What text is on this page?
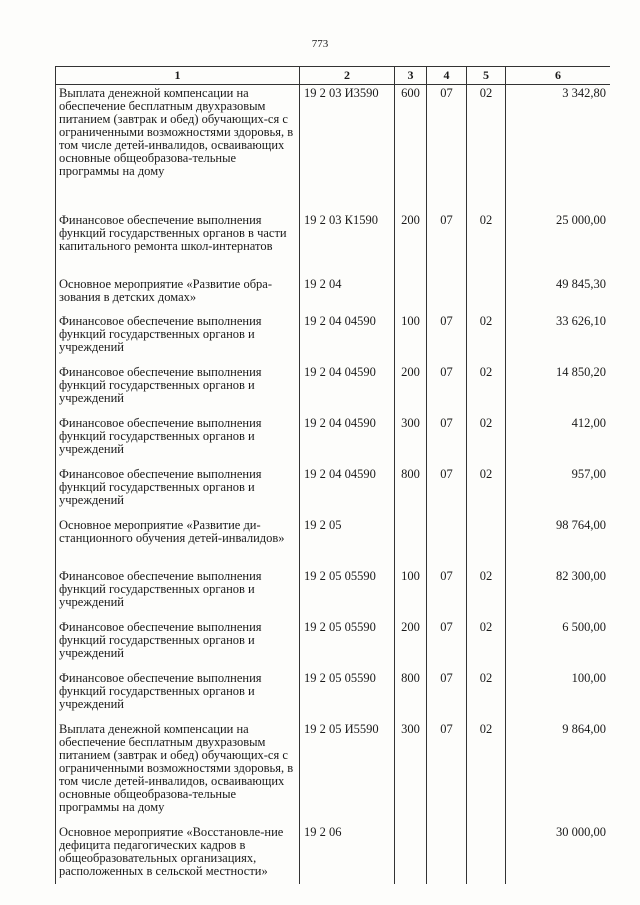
773
1	2	3	4	5	6
Выплата денежной компенсации на обеспечение бесплатным двухразовым питанием (завтрак и обед) обучающих-ся с ограниченными возможностями здоровья, в том числе детей-инвалидов, осваивающих основные общеобразова-тельные программы на дому	19 2 03 И3590	600	07	02	3 342,80
Финансовое обеспечение выполнения функций государственных органов в части капитального ремонта школ-интернатов	19 2 03 К1590	200	07	02	25 000,00
Основное мероприятие «Развитие обра-зования в детских домах»	19 2 04				49 845,30
Финансовое обеспечение выполнения функций государственных органов и учреждений	19 2 04 04590	100	07	02	33 626,10
Финансовое обеспечение выполнения функций государственных органов и учреждений	19 2 04 04590	200	07	02	14 850,20
Финансовое обеспечение выполнения функций государственных органов и учреждений	19 2 04 04590	300	07	02	412,00
Финансовое обеспечение выполнения функций государственных органов и учреждений	19 2 04 04590	800	07	02	957,00
Основное мероприятие «Развитие ди-станционного обучения детей-инвалидов»	19 2 05				98 764,00
Финансовое обеспечение выполнения функций государственных органов и учреждений	19 2 05 05590	100	07	02	82 300,00
Финансовое обеспечение выполнения функций государственных органов и учреждений	19 2 05 05590	200	07	02	6 500,00
Финансовое обеспечение выполнения функций государственных органов и учреждений	19 2 05 05590	800	07	02	100,00
Выплата денежной компенсации на обеспечение бесплатным двухразовым питанием (завтрак и обед) обучающих-ся с ограниченными возможностями здоровья, в том числе детей-инвалидов, осваивающих основные общеобразова-тельные программы на дому	19 2 05 И5590	300	07	02	9 864,00
Основное мероприятие «Восстановле-ние дефицита педагогических кадров в общеобразовательных организациях, расположенных в сельской местности»	19 2 06				30 000,00
